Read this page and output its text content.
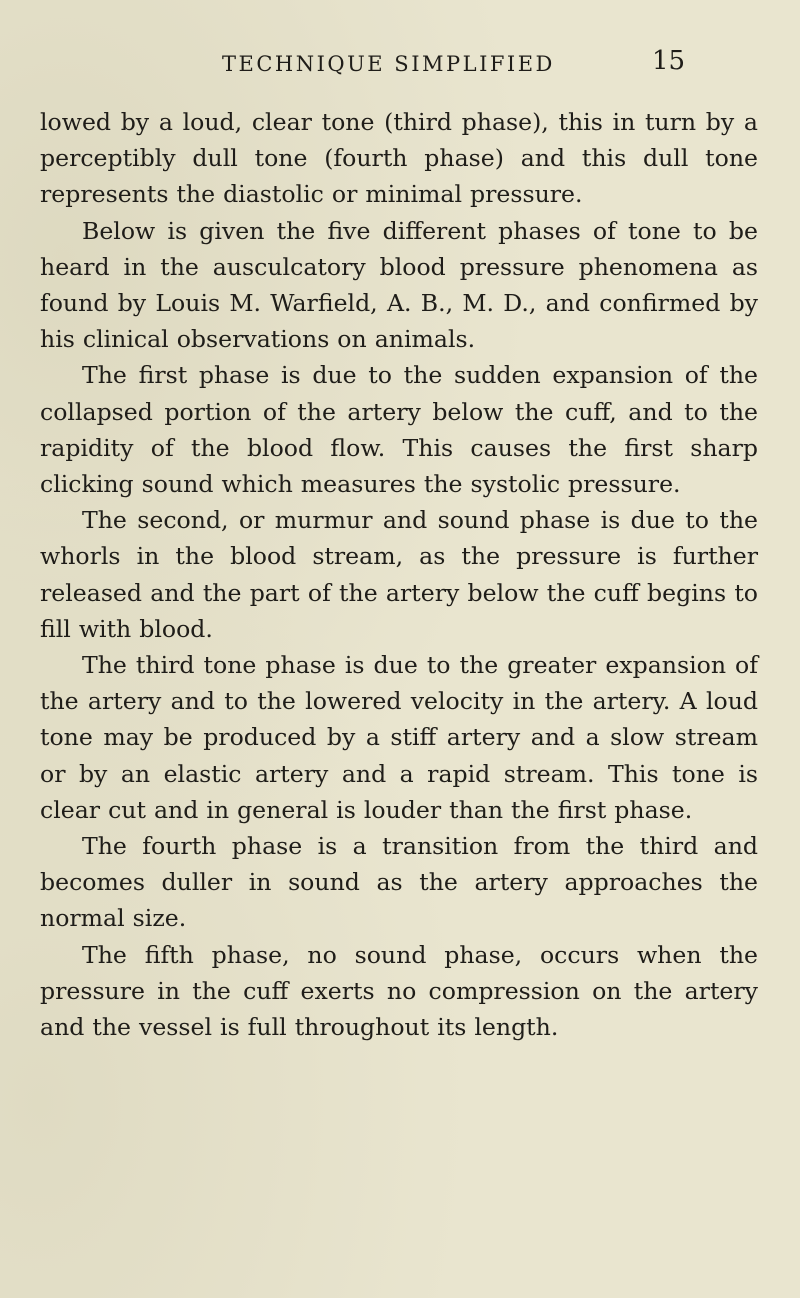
TECHNIQUE SIMPLIFIED	15

lowed by a loud, clear tone (third phase), this in turn by a perceptibly dull tone (fourth phase) and this dull tone represents the diastolic or minimal pressure.

Below is given the five different phases of tone to be heard in the ausculcatory blood pressure phenomena as found by Louis M. Warfield, A. B., M. D., and confirmed by his clinical observations on animals.

The first phase is due to the sudden expansion of the collapsed portion of the artery below the cuff, and to the rapidity of the blood flow. This causes the first sharp clicking sound which measures the systolic pressure.

The second, or murmur and sound phase is due to the whorls in the blood stream, as the pressure is further released and the part of the artery below the cuff begins to fill with blood.

The third tone phase is due to the greater expansion of the artery and to the lowered velocity in the artery. A loud tone may be produced by a stiff artery and a slow stream or by an elastic artery and a rapid stream. This tone is clear cut and in general is louder than the first phase.

The fourth phase is a transition from the third and becomes duller in sound as the artery approaches the normal size.

The fifth phase, no sound phase, occurs when the pressure in the cuff exerts no compression on the artery and the vessel is full throughout its length.
